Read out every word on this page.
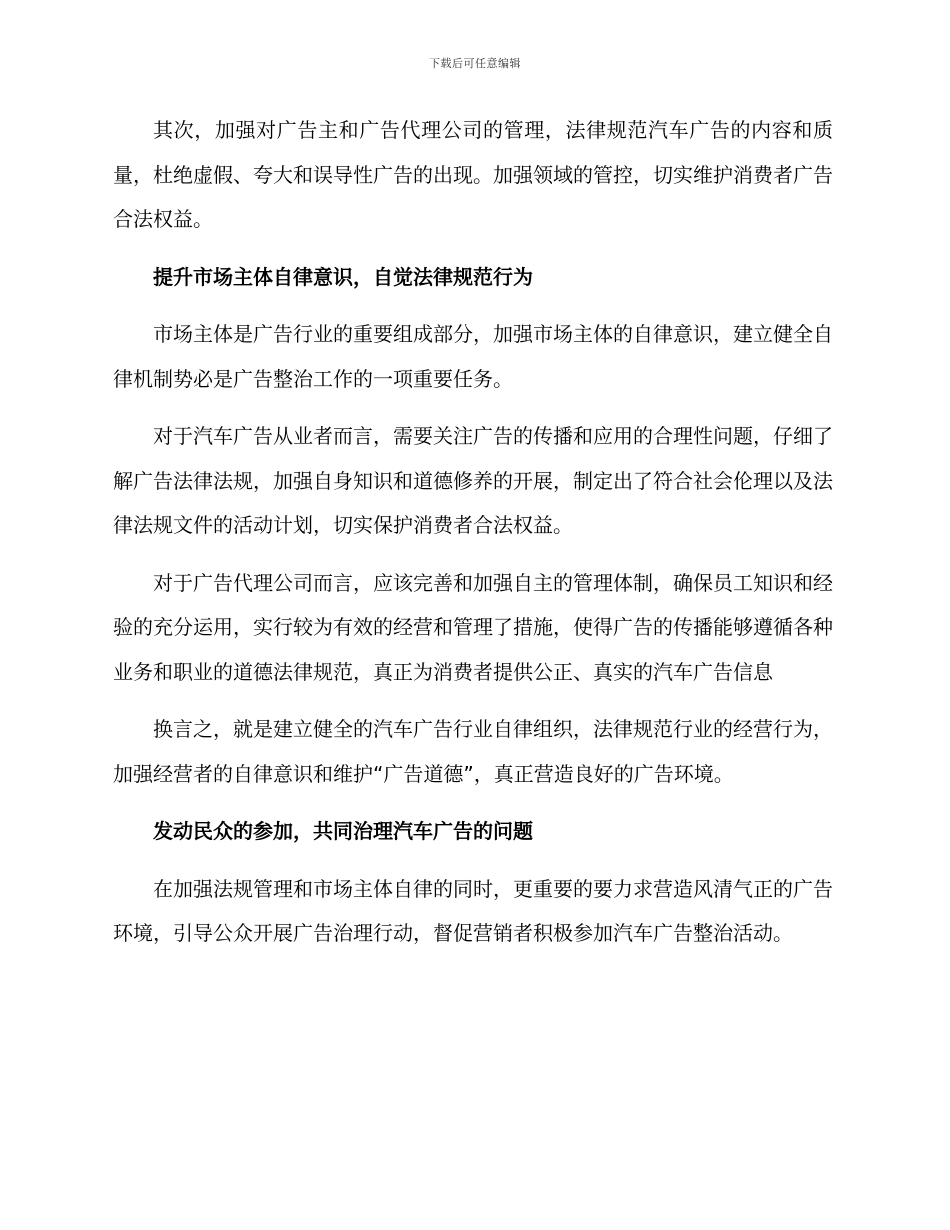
下载后可任意编辑

其次，加强对广告主和广告代理公司的管理，法律规范汽车广告的内容和质量，杜绝虚假、夸大和误导性广告的出现。加强领域的管控，切实维护消费者广告合法权益。

提升市场主体自律意识，自觉法律规范行为

市场主体是广告行业的重要组成部分，加强市场主体的自律意识，建立健全自律机制势必是广告整治工作的一项重要任务。

对于汽车广告从业者而言，需要关注广告的传播和应用的合理性问题，仔细了解广告法律法规，加强自身知识和道德修养的开展，制定出了符合社会伦理以及法律法规文件的活动计划，切实保护消费者合法权益。

对于广告代理公司而言，应该完善和加强自主的管理体制，确保员工知识和经验的充分运用，实行较为有效的经营和管理了措施，使得广告的传播能够遵循各种业务和职业的道德法律规范，真正为消费者提供公正、真实的汽车广告信息

换言之，就是建立健全的汽车广告行业自律组织，法律规范行业的经营行为，加强经营者的自律意识和维护“广告道德”，真正营造良好的广告环境。

发动民众的参加，共同治理汽车广告的问题

在加强法规管理和市场主体自律的同时，更重要的要力求营造风清气正的广告环境，引导公众开展广告治理行动，督促营销者积极参加汽车广告整治活动。
